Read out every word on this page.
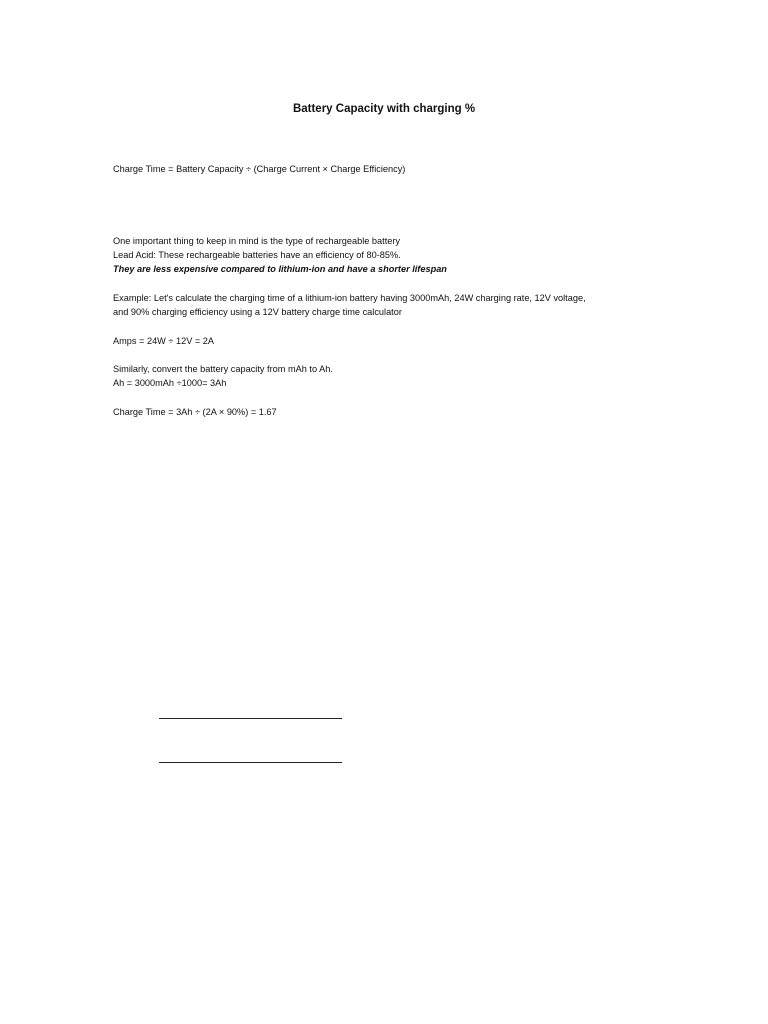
Battery Capacity with charging %
Charge Time = Battery Capacity ÷ (Charge Current × Charge Efficiency)
One important thing to keep in mind is the type of rechargeable battery
Lead Acid: These rechargeable batteries have an efficiency of 80-85%.
They are less expensive compared to lithium-ion and have a shorter lifespan
Example: Let's calculate the charging time of a lithium-ion battery having 3000mAh, 24W charging rate, 12V voltage,
and 90% charging efficiency using a 12V battery charge time calculator
Amps = 24W ÷ 12V = 2A
Similarly, convert the battery capacity from mAh to Ah.
Ah = 3000mAh ÷1000= 3Ah
Charge Time = 3Ah ÷ (2A × 90%) = 1.67
